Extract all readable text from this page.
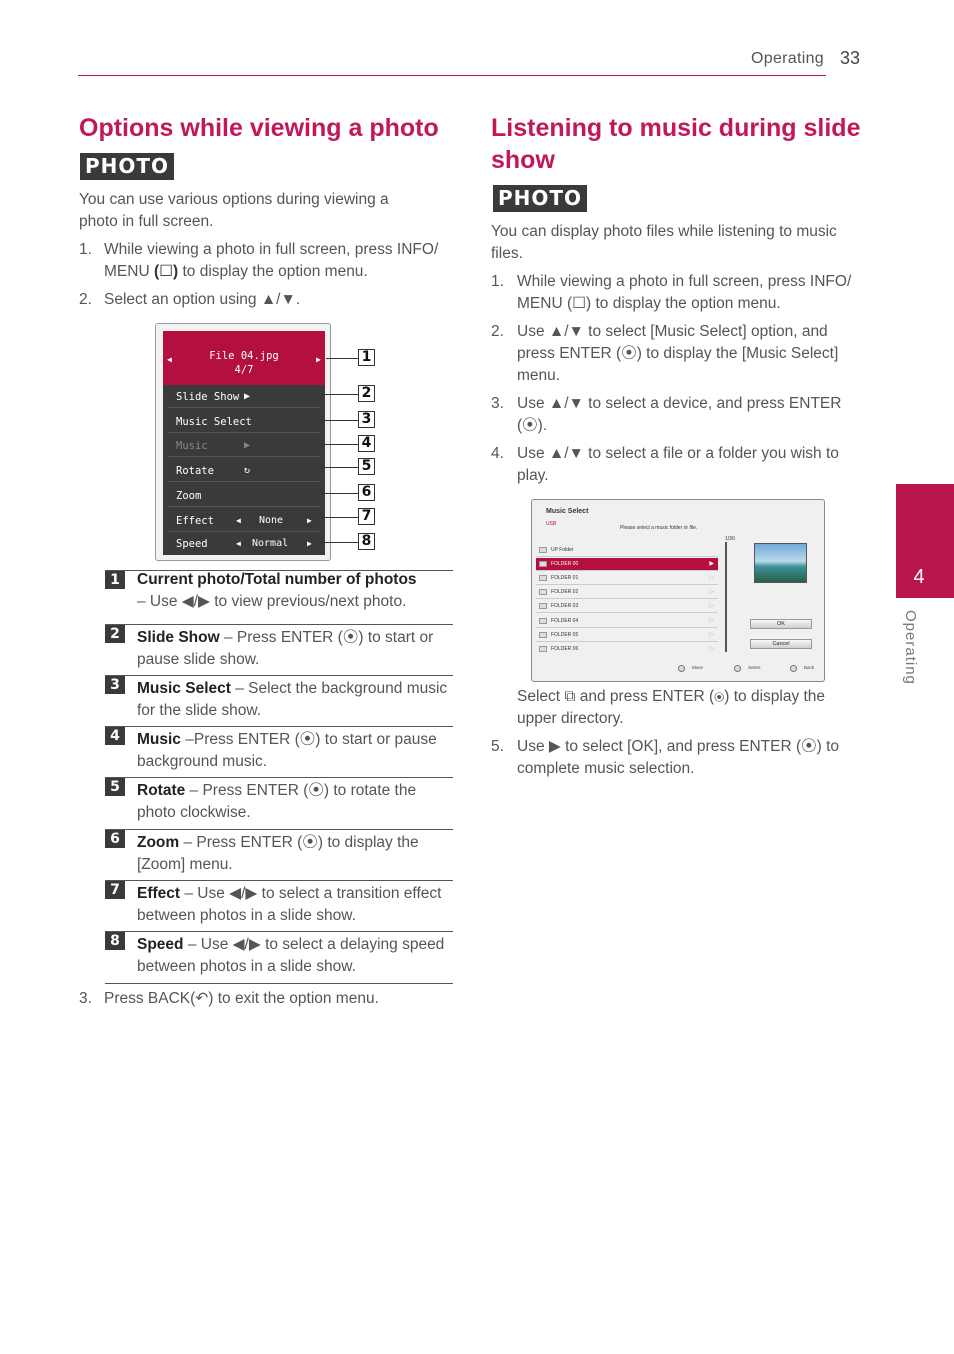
Operating 33
4
Operating
Options while viewing a photo
PHOTO
You can use various options during viewing a photo in full screen.
1. While viewing a photo in full screen, press INFO/
MENU (☐) to display the option menu.
2. Select an option using ▲/▼.
◀	File 04.jpg
4/7
▶
Slide Show ▶
Music Select
Music	▶
Rotate	↻
Zoom
Effect	◀ None	▶
Speed	◀ Normal ▶
1
2
3
4
5
6
7
8
1	Current photo/Total number of photos
– Use ◀/▶ to view previous/next photo.
2	Slide Show – Press ENTER (⦿) to start or pause slide show.
3	Music Select – Select the background music for the slide show.
4	Music –Press ENTER (⦿) to start or pause background music.
5	Rotate – Press ENTER (⦿) to rotate the photo clockwise.
6	Zoom – Press ENTER (⦿) to display the [Zoom] menu.
7	Effect – Use ◀/▶ to select a transition effect between photos in a slide show.
8	Speed – Use ◀/▶ to select a delaying speed between photos in a slide show.
3. Press BACK(↶) to exit the option menu.
Listening to music during slide
show
PHOTO
You can display photo files while listening to music files.
1. While viewing a photo in full screen, press INFO/ MENU (☐) to display the option menu.
2. Use ▲/▼ to select [Music Select] option, and press ENTER (⦿) to display the [Music Select] menu.
3. Use ▲/▼ to select a device, and press ENTER (⦿).
4. Use ▲/▼ to select a file or a folder you wish to play.
Music Select
USB
Please select a music folder or file.
1/30
UP Folder
FOLDER 00	▶
FOLDER 01	▷
FOLDER 02	▷
FOLDER 03	▷
FOLDER 04	▷
FOLDER 05	▷
FOLDER 06	▷
OK
Cancel
Move	Select	Back
Select ⧉ and press ENTER (⦿) to display the upper directory.
5. Use ▶ to select [OK], and press ENTER (⦿) to complete music selection.
